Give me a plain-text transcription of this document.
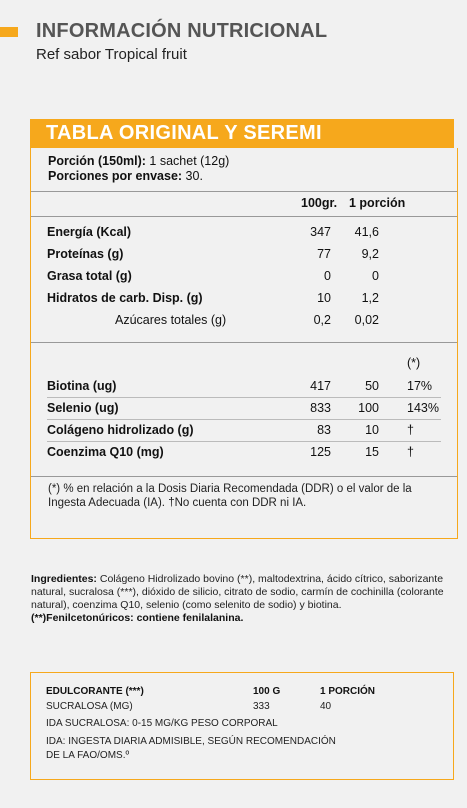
INFORMACIÓN NUTRICIONAL
Ref sabor Tropical fruit
TABLA ORIGINAL Y SEREMI
Porción (150ml): 1 sachet (12g)
Porciones por envase: 30.
100gr. 1 porción
Energía (Kcal)	347 41,6
Proteínas (g)	77 9,2
Grasa total (g)	0	0
Hidratos de carb. Disp. (g)	10 1,2
Azúcares totales (g)	0,2 0,02
(*)
Biotina (ug)	417	50 17%
Selenio (ug)	833 100 143%
Colágeno hidrolizado (g)	83	10 †
Coenzima Q10 (mg)	125	15 †
(*) % en relación a la Dosis Diaria Recomendada (DDR) o el valor de la Ingesta Adecuada (IA). †No cuenta con DDR ni IA.
Ingredientes: Colágeno Hidrolizado bovino (**), maltodextrina, ácido cítrico, saborizante natural, sucralosa (***), dióxido de silicio, citrato de sodio, carmín de cochinilla (colorante natural), coenzima Q10, selenio (como selenito de sodio) y biotina.
(**)Fenilcetonúricos: contiene fenilalanina.
EDULCORANTE (***)	100 G	1 PORCIÓN
SUCRALOSA (MG)	333	40
IDA SUCRALOSA: 0-15 MG/KG PESO CORPORAL
IDA: INGESTA DIARIA ADMISIBLE, SEGÚN RECOMENDACIÓN
DE LA FAO/OMS.º
